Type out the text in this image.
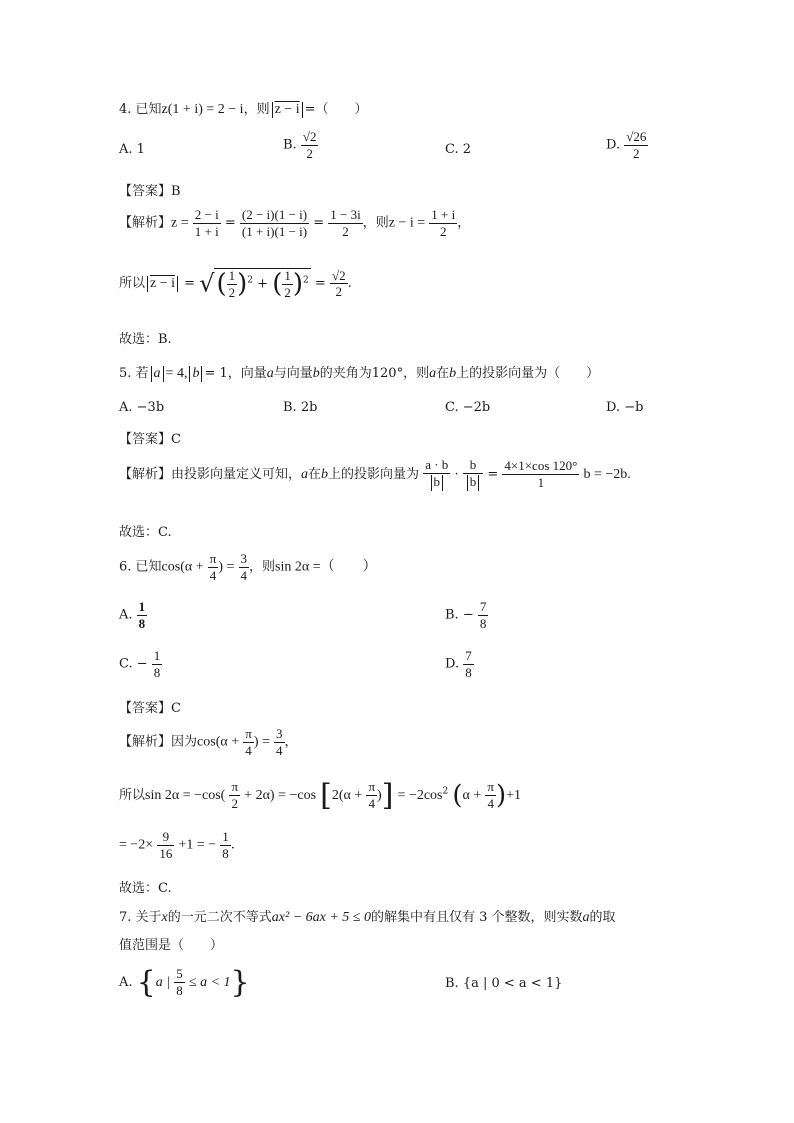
4. 已知z(1 + i) = 2 − i，则 z − i =（　　）
A. 1	B. $\frac{√2}{2}$	C. 2	D. $\frac{√26}{2}$
【答案】B
【解析】$z = \frac{2 - i}{1 + i} = \frac{(2 - i)(1 - i)}{(1 + i)(1 - i)} = \frac{1 - 3i}{2}$ ，则$z - i = \frac{1 + i}{2}$ ，
所以 z − i = √( $\frac{1}{2} )^2$ + ( $\frac{1}{2} )^2 = \frac{√2}{2}$ .
故选：B.
5. 若 a = 4, b = 1，向量a与向量b的夹角为120°，则a在b上的投影向量为（　　）
A. −3b	B. 2b	C. −2b	D. −b
【答案】C
【解析】由投影向量定义可知，a在b上的投影向量为 $\frac{a \cdot b}{b} \cdot \frac{b}{b} = \frac{4\times 1\times\cos 120^\circ}{1}$ b = −2b.
故选：C.
6. 已知$\cos(\alpha + \frac{\pi}{4}$ ) = $\frac{3}{4}$ ，则sin 2α =（　　）
A. $\frac{1}{8}$	B. − $\frac{7}{8}$
C. − $\frac{1}{8}$	D. $\frac{7}{8}$
【答案】C
【解析】因为$\cos(\alpha + \frac{\pi}{4}$ ) = $\frac{3}{4}$ ，
所以$\sin 2\alpha = -\cos( \frac{\pi}{2} + 2\alpha) = -\cos$ [$2(\alpha + \frac{\pi}{4}$ )] = $-2\cos^2$ $(\alpha + \frac{\pi}{4} )+1$
= $-2\times \frac{9}{16} +1$ = − $\frac{1}{8}$ .
故选：C.
7. 关于x的一元二次不等式ax² − 6ax + 5 ≤ 0的解集中有且仅有 3 个整数，则实数a的取
值范围是（　　）
A. {a | $\frac{5}{8} \le a < 1$}	B. {a | 0 < a < 1}
